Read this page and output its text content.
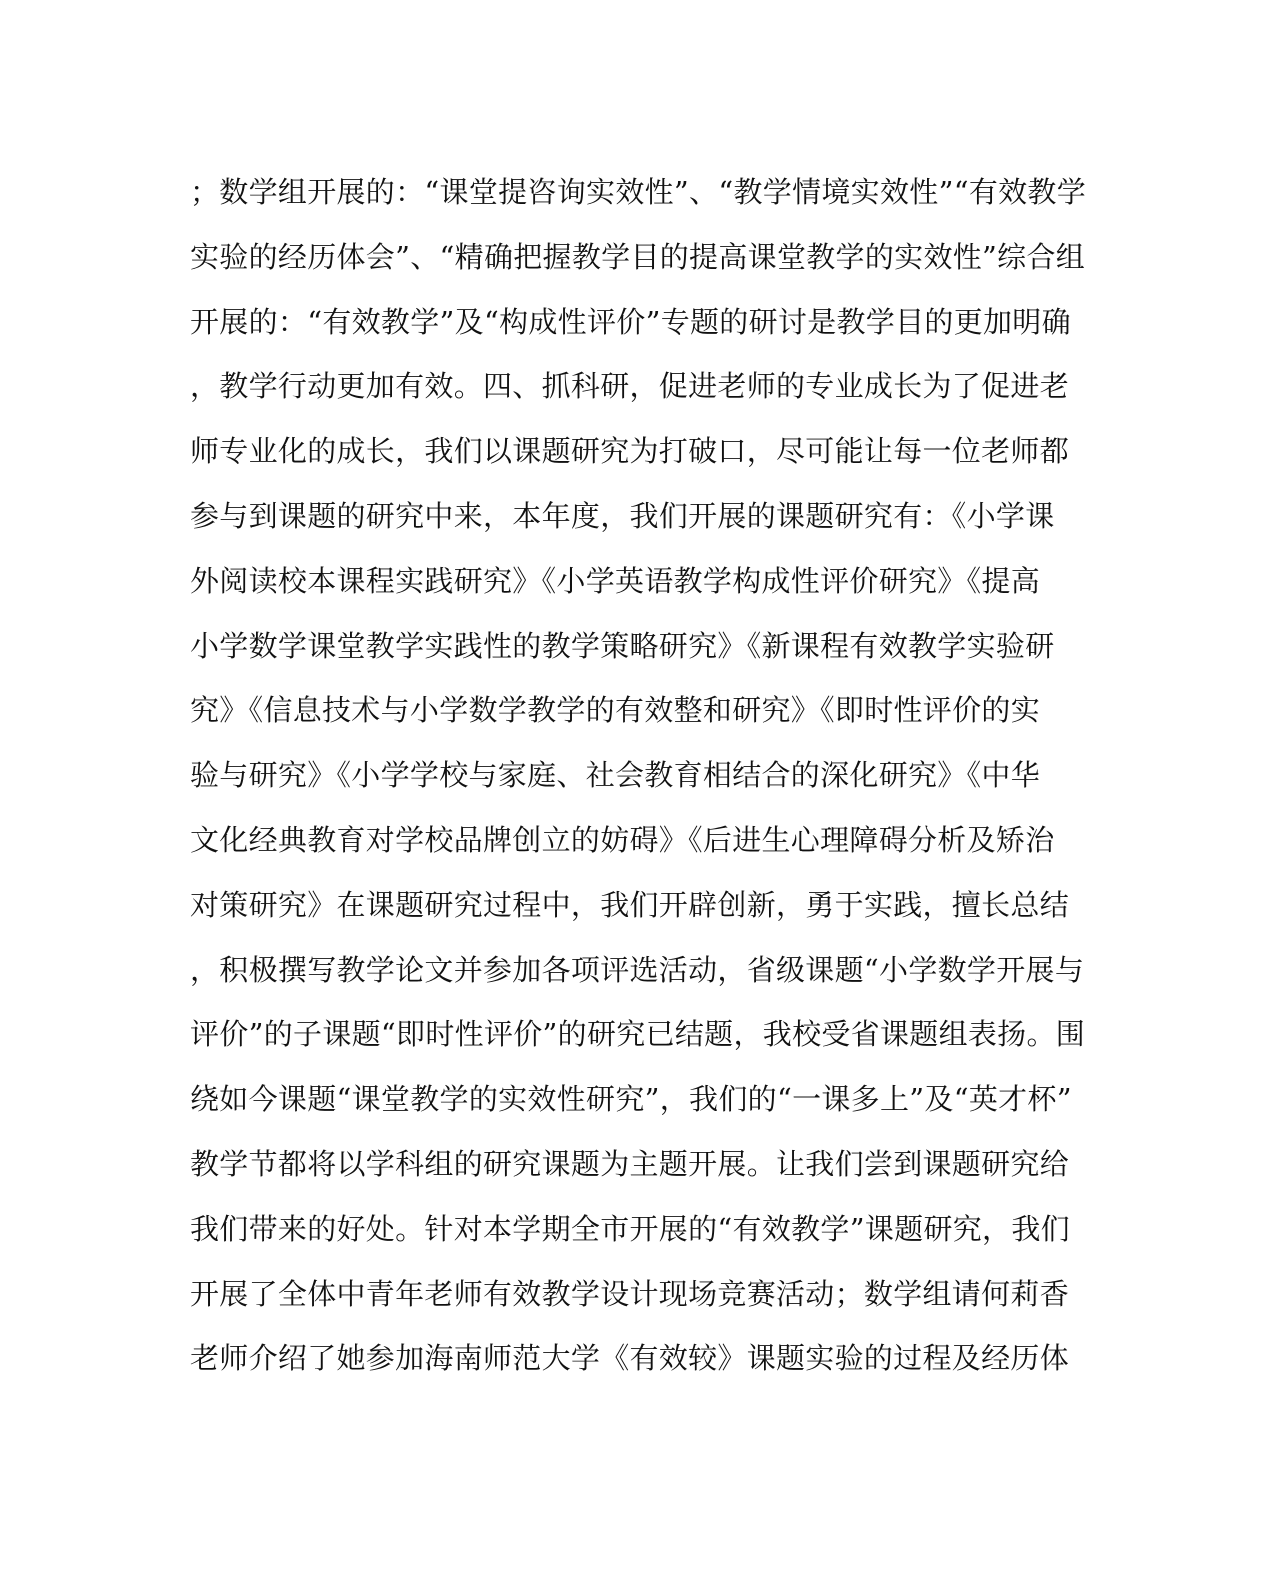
；数学组开展的：“课堂提咨询实效性”、“教学情境实效性”“有效教学
实验的经历体会”、“精确把握教学目的提高课堂教学的实效性”综合组
开展的：“有效教学”及“构成性评价”专题的研讨是教学目的更加明确
，教学行动更加有效。四、抓科研，促进老师的专业成长为了促进老
师专业化的成长，我们以课题研究为打破口，尽可能让每一位老师都
参与到课题的研究中来，本年度，我们开展的课题研究有：《小学课
外阅读校本课程实践研究》《小学英语教学构成性评价研究》《提高
小学数学课堂教学实践性的教学策略研究》《新课程有效教学实验研
究》《信息技术与小学数学教学的有效整和研究》《即时性评价的实
验与研究》《小学学校与家庭、社会教育相结合的深化研究》《中华
文化经典教育对学校品牌创立的妨碍》《后进生心理障碍分析及矫治
对策研究》在课题研究过程中，我们开辟创新，勇于实践，擅长总结
，积极撰写教学论文并参加各项评选活动，省级课题“小学数学开展与
评价”的子课题“即时性评价”的研究已结题，我校受省课题组表扬。围
绕如今课题“课堂教学的实效性研究”，我们的“一课多上”及“英才杯”
教学节都将以学科组的研究课题为主题开展。让我们尝到课题研究给
我们带来的好处。针对本学期全市开展的“有效教学”课题研究，我们
开展了全体中青年老师有效教学设计现场竞赛活动；数学组请何莉香
老师介绍了她参加海南师范大学《有效较》课题实验的过程及经历体
